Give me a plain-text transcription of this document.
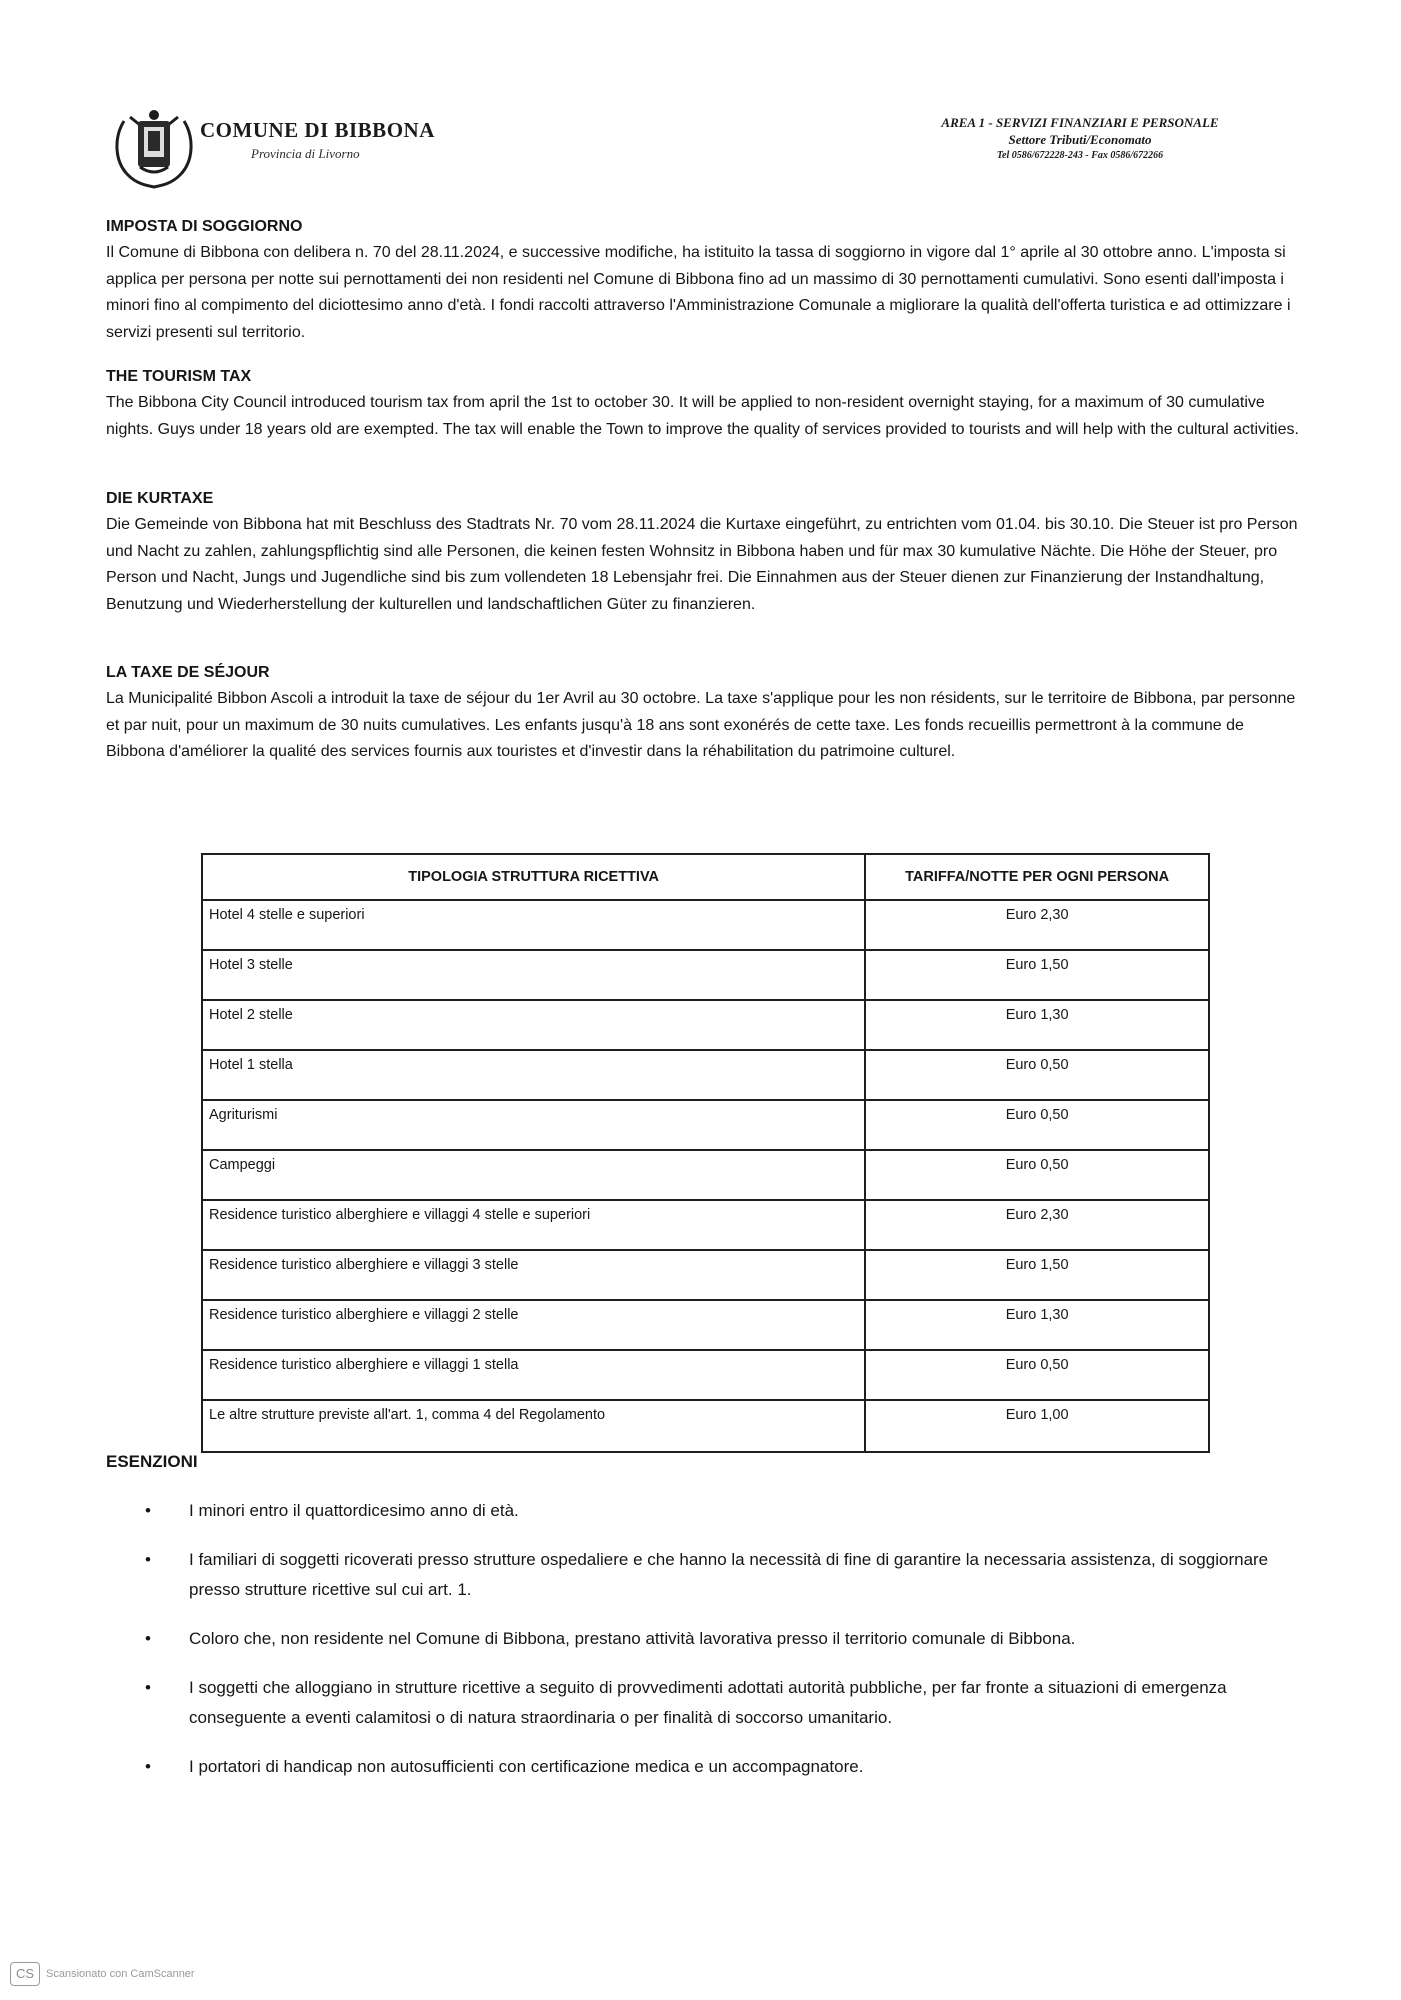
COMUNE DI BIBBONA
Provincia di Livorno
AREA 1 - SERVIZI FINANZIARI E PERSONALE
Settore Tributi/Economato
Tel 0586/672228-243 - Fax 0586/672266
IMPOSTA DI SOGGIORNO
Il Comune di Bibbona con delibera n. 70 del 28.11.2024, e successive modifiche, ha istituito la tassa di soggiorno in vigore dal 1° aprile al 30 ottobre anno. L'imposta si applica per persona per notte sui pernottamenti dei non residenti nel Comune di Bibbona fino ad un massimo di 30 pernottamenti cumulativi. Sono esenti dall'imposta i minori fino al compimento del diciottesimo anno d'età. I fondi raccolti attraverso l'Amministrazione Comunale a migliorare la qualità dell'offerta turistica e ad ottimizzare i servizi presenti sul territorio.
THE TOURISM TAX
The Bibbona City Council introduced tourism tax from april the 1st to october 30. It will be applied to non-resident overnight staying, for a maximum of 30 cumulative nights. Guys under 18 years old are exempted. The tax will enable the Town to improve the quality of services provided to tourists and will help with the cultural activities.
DIE KURTAXE
Die Gemeinde von Bibbona hat mit Beschluss des Stadtrats Nr. 70 vom 28.11.2024 die Kurtaxe eingeführt, zu entrichten vom 01.04. bis 30.10. Die Steuer ist pro Person und Nacht zu zahlen, zahlungspflichtig sind alle Personen, die keinen festen Wohnsitz in Bibbona haben und für max 30 kumulative Nächte. Die Höhe der Steuer, pro Person und Nacht, Jungs und Jugendliche sind bis zum vollendeten 18 Lebensjahr frei. Die Einnahmen aus der Steuer dienen zur Finanzierung der Instandhaltung, Benutzung und Wiederherstellung der kulturellen und landschaftlichen Güter zu finanzieren.
LA TAXE DE SÉJOUR
La Municipalité Bibbon Ascoli a introduit la taxe de séjour du 1er Avril au 30 octobre. La taxe s'applique pour les non résidents, sur le territoire de Bibbona, par personne et par nuit, pour un maximum de 30 nuits cumulatives. Les enfants jusqu'à 18 ans sont exonérés de cette taxe. Les fonds recueillis permettront à la commune de Bibbona d'améliorer la qualité des services fournis aux touristes et d'investir dans la réhabilitation du patrimoine culturel.
TIPOLOGIA STRUTTURA RICETTIVA	TARIFFA/NOTTE PER OGNI PERSONA
Hotel 4 stelle e superiori	Euro 2,30
Hotel 3 stelle	Euro 1,50
Hotel 2 stelle	Euro 1,30
Hotel 1 stella	Euro 0,50
Agriturismi	Euro 0,50
Campeggi	Euro 0,50
Residence turistico alberghiere e villaggi 4 stelle e superiori	Euro 2,30
Residence turistico alberghiere e villaggi 3 stelle	Euro 1,50
Residence turistico alberghiere e villaggi 2 stelle	Euro 1,30
Residence turistico alberghiere e villaggi 1 stella	Euro 0,50
Le altre strutture previste all'art. 1, comma 4 del Regolamento	Euro 1,00
ESENZIONI
• I minori entro il quattordicesimo anno di età.
• I familiari di soggetti ricoverati presso strutture ospedaliere e che hanno la necessità di fine di garantire la necessaria assistenza, di soggiornare presso strutture ricettive sul cui art. 1.
• Coloro che, non residente nel Comune di Bibbona, prestano attività lavorativa presso il territorio comunale di Bibbona.
• I soggetti che alloggiano in strutture ricettive a seguito di provvedimenti adottati autorità pubbliche, per far fronte a situazioni di emergenza conseguente a eventi calamitosi o di natura straordinaria o per finalità di soccorso umanitario.
• I portatori di handicap non autosufficienti con certificazione medica e un accompagnatore.
CS	Scansionato con CamScanner
